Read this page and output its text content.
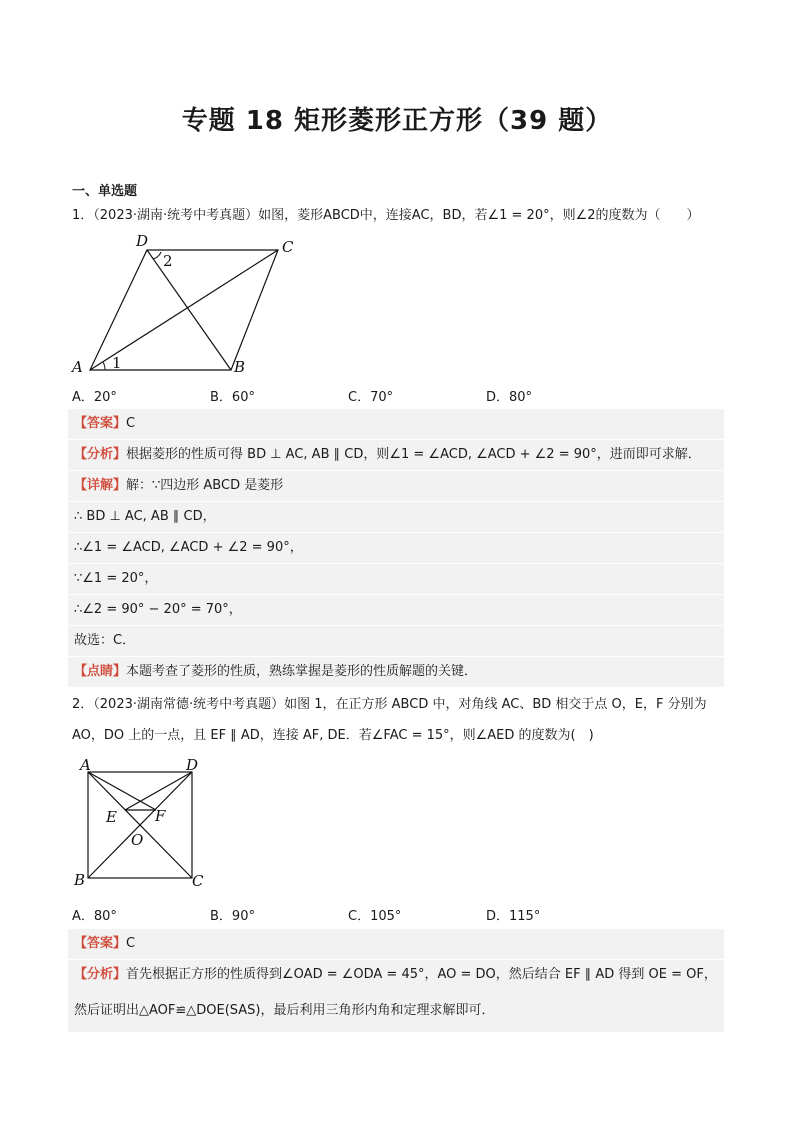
专题 18 矩形菱形正方形（39 题）
一、单选题
1．（2023·湖南·统考中考真题）如图，菱形ABCD中，连接AC，BD，若∠1 = 20°，则∠2的度数为（　　）
A	B
C
D
1
2
A．20°	B．60°	C．70°	D．80°
【答案】C
【分析】根据菱形的性质可得 BD ⊥ AC, AB ∥ CD，则∠1 = ∠ACD, ∠ACD + ∠2 = 90°，进而即可求解．
【详解】解：∵四边形 ABCD 是菱形
∴ BD ⊥ AC, AB ∥ CD，
∴∠1 = ∠ACD, ∠ACD + ∠2 = 90°，
∵∠1 = 20°，
∴∠2 = 90° − 20° = 70°，
故选：C．
【点睛】本题考查了菱形的性质，熟练掌握是菱形的性质解题的关键．
2．（2023·湖南常德·统考中考真题）如图 1，在正方形 ABCD 中，对角线 AC、BD 相交于点 O，E，F 分别为
AO，DO 上的一点，且 EF ∥ AD，连接 AF, DE．若∠FAC = 15°，则∠AED 的度数为(　)
A	D
B	C
E	F
O
A．80°	B．90°	C．105°	D．115°
【答案】C
【分析】首先根据正方形的性质得到∠OAD = ∠ODA = 45°，AO = DO，然后结合 EF ∥ AD 得到 OE = OF，
然后证明出△AOF≌△DOE(SAS)，最后利用三角形内角和定理求解即可．
